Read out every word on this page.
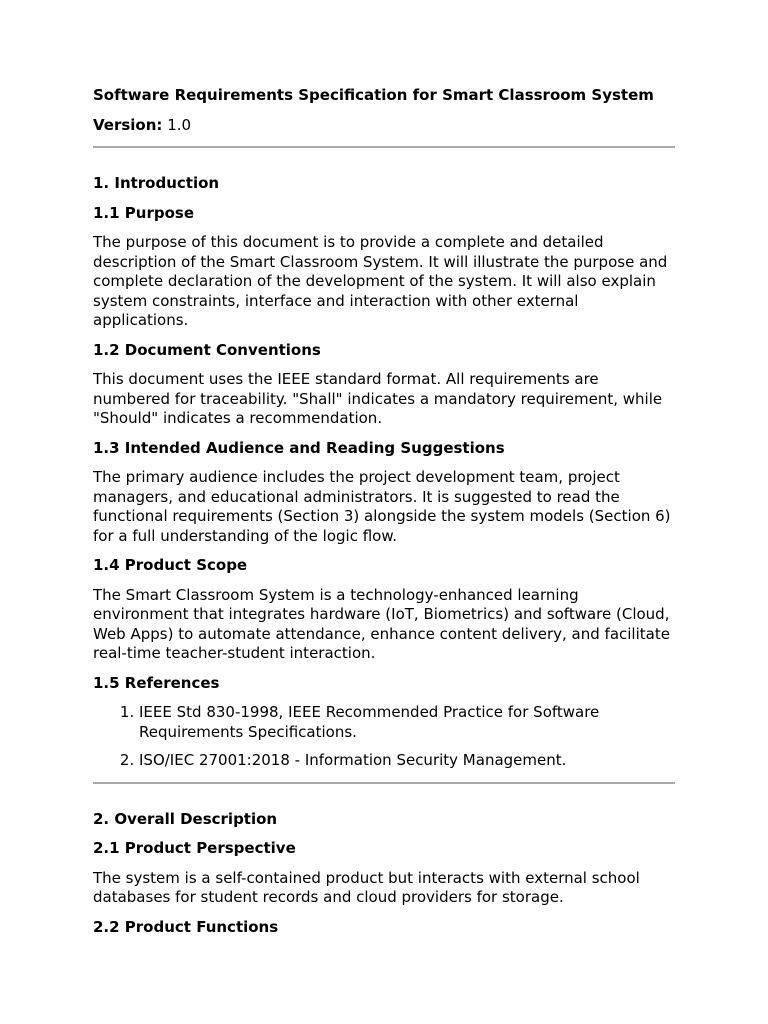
Software Requirements Specification for Smart Classroom System

Version: 1.0

1. Introduction
1.1 Purpose

The purpose of this document is to provide a complete and detailed description of the Smart Classroom System. It will illustrate the purpose and complete declaration of the development of the system. It will also explain system constraints, interface and interaction with other external applications.

1.2 Document Conventions

This document uses the IEEE standard format. All requirements are numbered for traceability. "Shall" indicates a mandatory requirement, while "Should" indicates a recommendation.

1.3 Intended Audience and Reading Suggestions

The primary audience includes the project development team, project managers, and educational administrators. It is suggested to read the functional requirements (Section 3) alongside the system models (Section 6) for a full understanding of the logic flow.

1.4 Product Scope

The Smart Classroom System is a technology-enhanced learning environment that integrates hardware (IoT, Biometrics) and software (Cloud, Web Apps) to automate attendance, enhance content delivery, and facilitate real-time teacher-student interaction.

1.5 References
1. IEEE Std 830-1998, IEEE Recommended Practice for Software Requirements Specifications.
2. ISO/IEC 27001:2018 - Information Security Management.
2. Overall Description
2.1 Product Perspective

The system is a self-contained product but interacts with external school databases for student records and cloud providers for storage.

2.2 Product Functions
